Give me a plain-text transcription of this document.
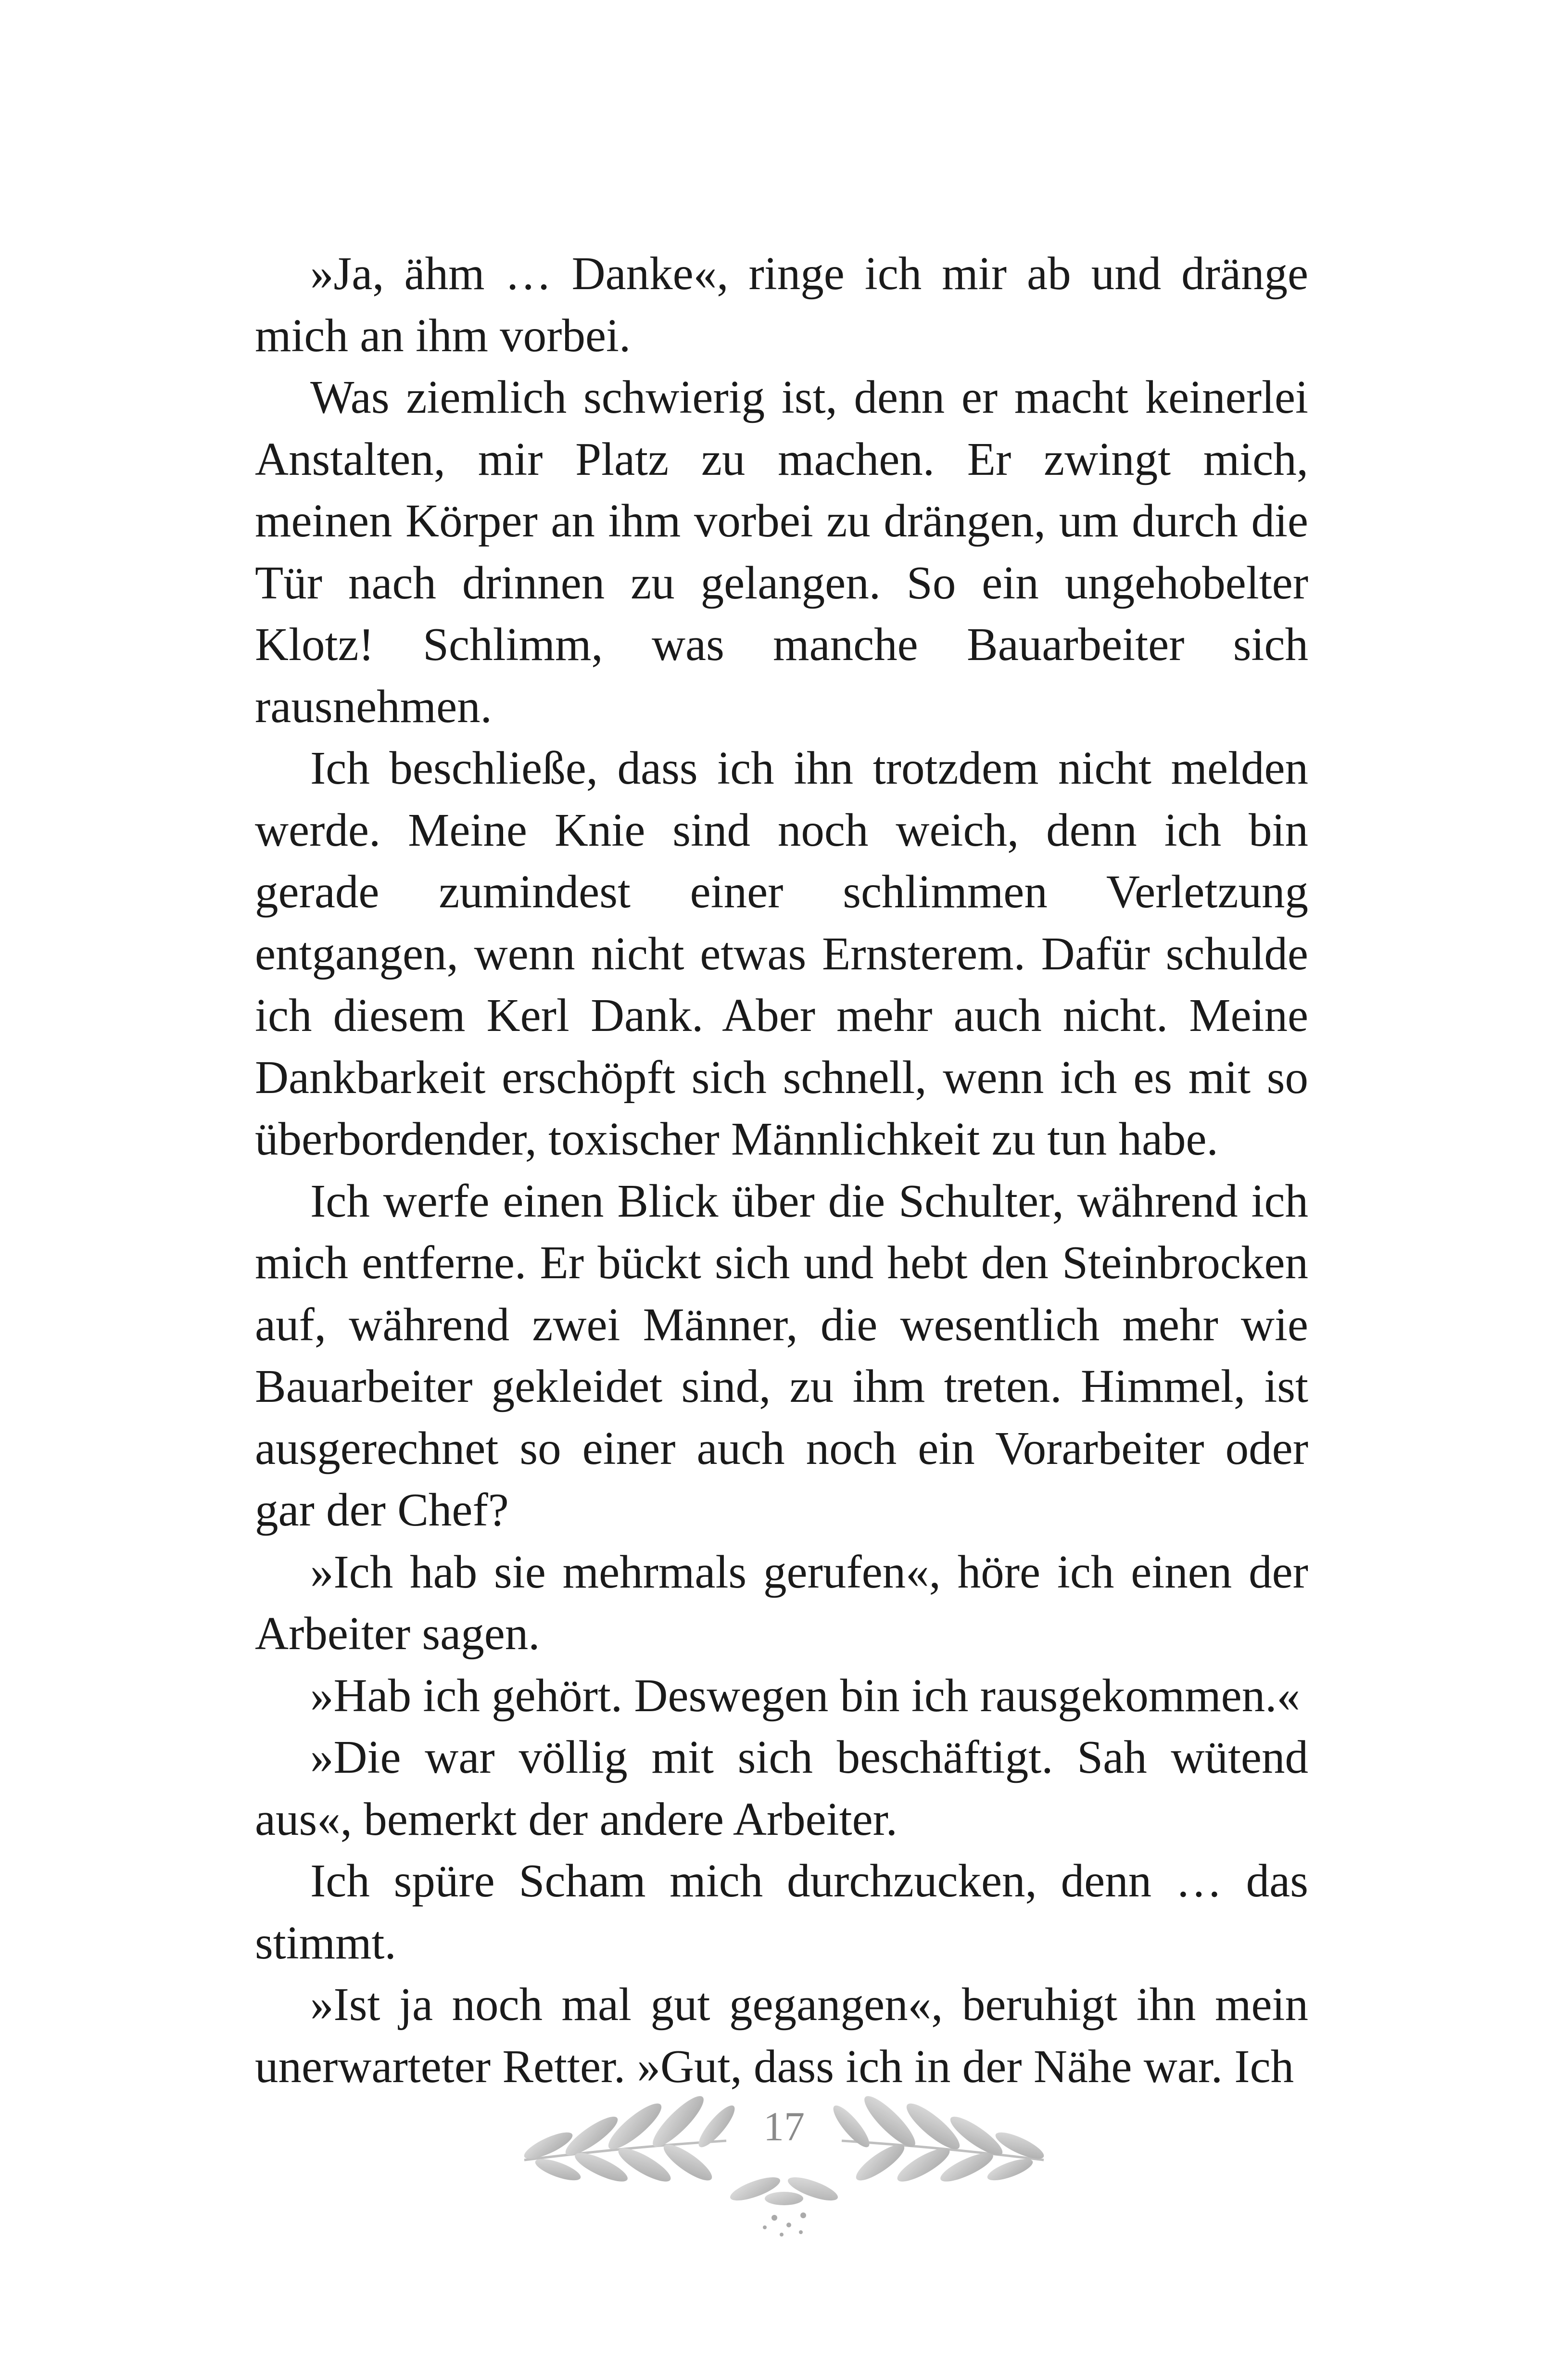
»Ja, ähm … Danke«, ringe ich mir ab und dränge mich an ihm vorbei.

Was ziemlich schwierig ist, denn er macht keinerlei Anstalten, mir Platz zu machen. Er zwingt mich, meinen Körper an ihm vorbei zu drängen, um durch die Tür nach drinnen zu gelangen. So ein ungehobelter Klotz! Schlimm, was manche Bauarbeiter sich rausnehmen.

Ich beschließe, dass ich ihn trotzdem nicht melden werde. Meine Knie sind noch weich, denn ich bin gerade zumindest einer schlimmen Verletzung entgangen, wenn nicht etwas Ernsterem. Dafür schulde ich diesem Kerl Dank. Aber mehr auch nicht. Meine Dankbarkeit erschöpft sich schnell, wenn ich es mit so überbordender, toxischer Männlichkeit zu tun habe.

Ich werfe einen Blick über die Schulter, während ich mich entferne. Er bückt sich und hebt den Steinbrocken auf, während zwei Männer, die wesentlich mehr wie Bauarbeiter gekleidet sind, zu ihm treten. Himmel, ist ausgerechnet so einer auch noch ein Vorarbeiter oder gar der Chef?

»Ich hab sie mehrmals gerufen«, höre ich einen der Arbeiter sagen.

»Hab ich gehört. Deswegen bin ich rausgekommen.«

»Die war völlig mit sich beschäftigt. Sah wütend aus«, bemerkt der andere Arbeiter.

Ich spüre Scham mich durchzucken, denn … das stimmt.

»Ist ja noch mal gut gegangen«, beruhigt ihn mein unerwarteter Retter. »Gut, dass ich in der Nähe war. Ich

17
